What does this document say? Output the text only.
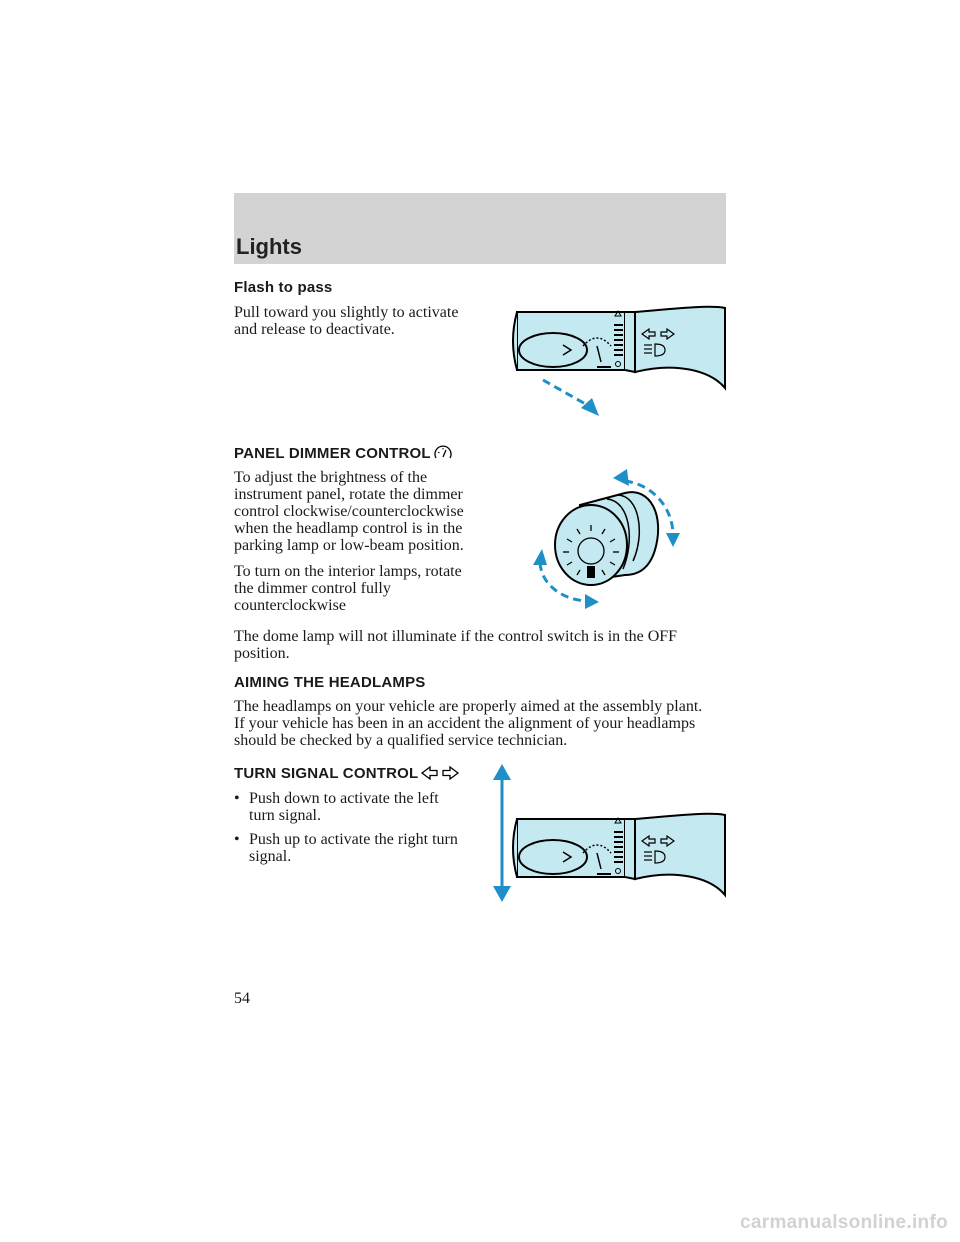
Lights
Flash to pass
Pull toward you slightly to activate
and release to deactivate.
PANEL DIMMER CONTROL
To adjust the brightness of the
instrument panel, rotate the dimmer
control clockwise/counterclockwise
when the headlamp control is in the
parking lamp or low-beam position.
To turn on the interior lamps, rotate
the dimmer control fully
counterclockwise
The dome lamp will not illuminate if the control switch is in the OFF
position.
AIMING THE HEADLAMPS
The headlamps on your vehicle are properly aimed at the assembly plant.
If your vehicle has been in an accident the alignment of your headlamps
should be checked by a qualified service technician.
TURN SIGNAL CONTROL
• Push down to activate the left
turn signal.
• Push up to activate the right turn
signal.
54
carmanualsonline.info
